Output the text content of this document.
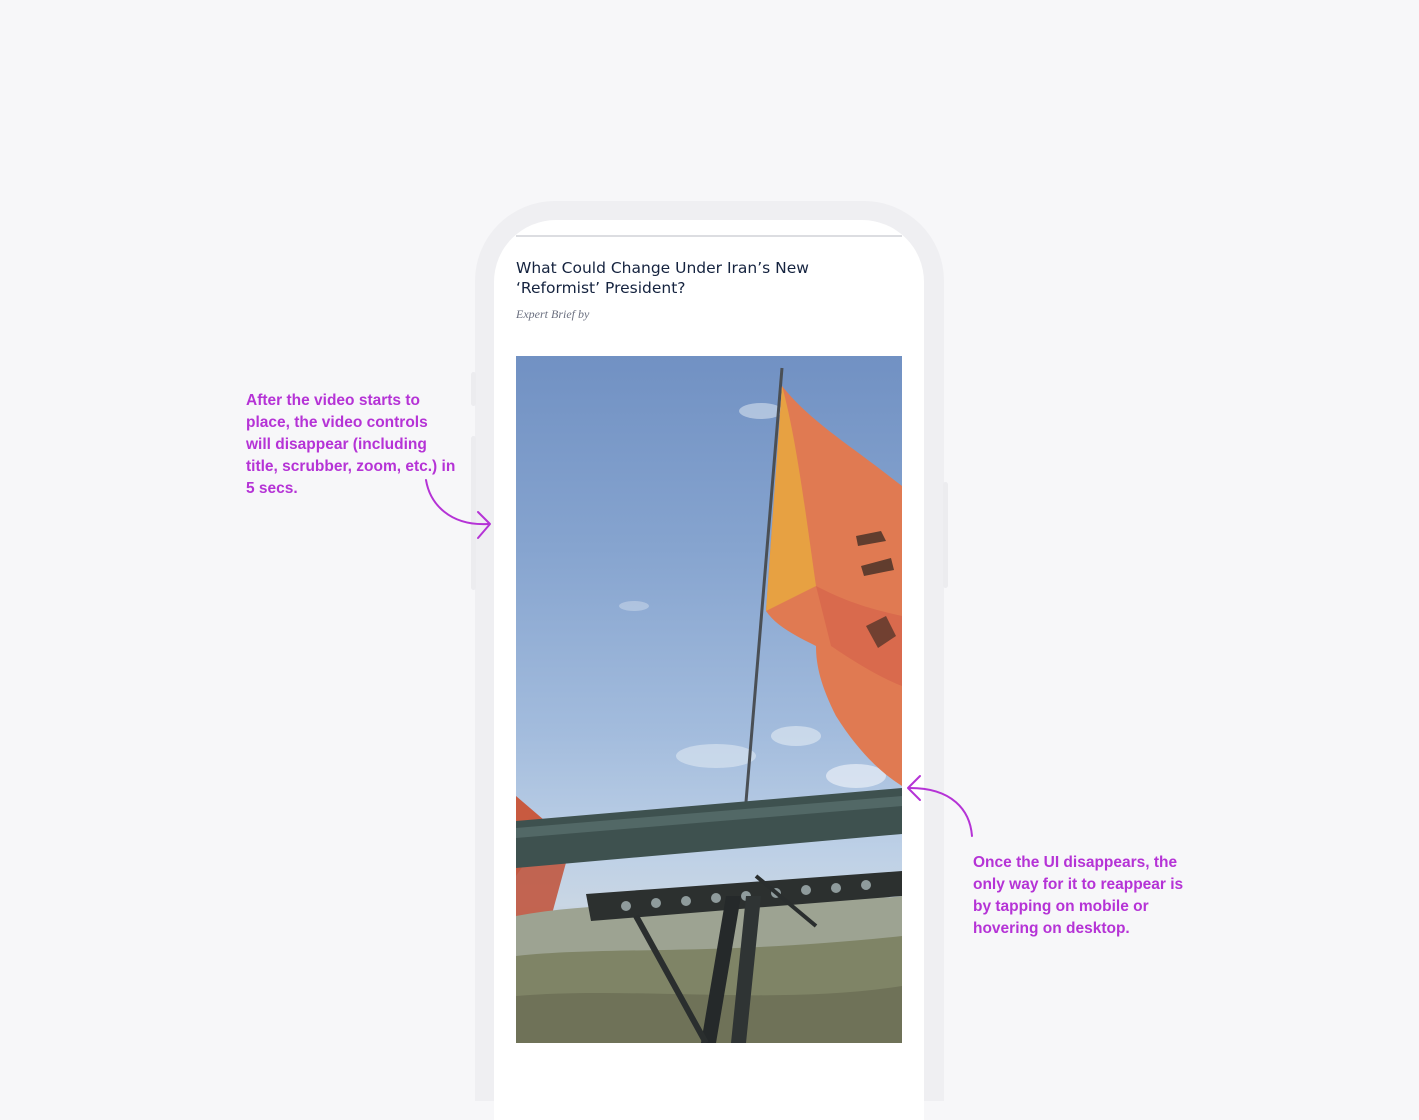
What Could Change Under Iran’s New ‘Reformist’ President?
Expert Brief by
After the video starts to place, the video controls will disappear (including title, scrubber, zoom, etc.) in 5 secs.
Once the UI disappears, the only way for it to reappear is by tapping on mobile or hovering on desktop.
